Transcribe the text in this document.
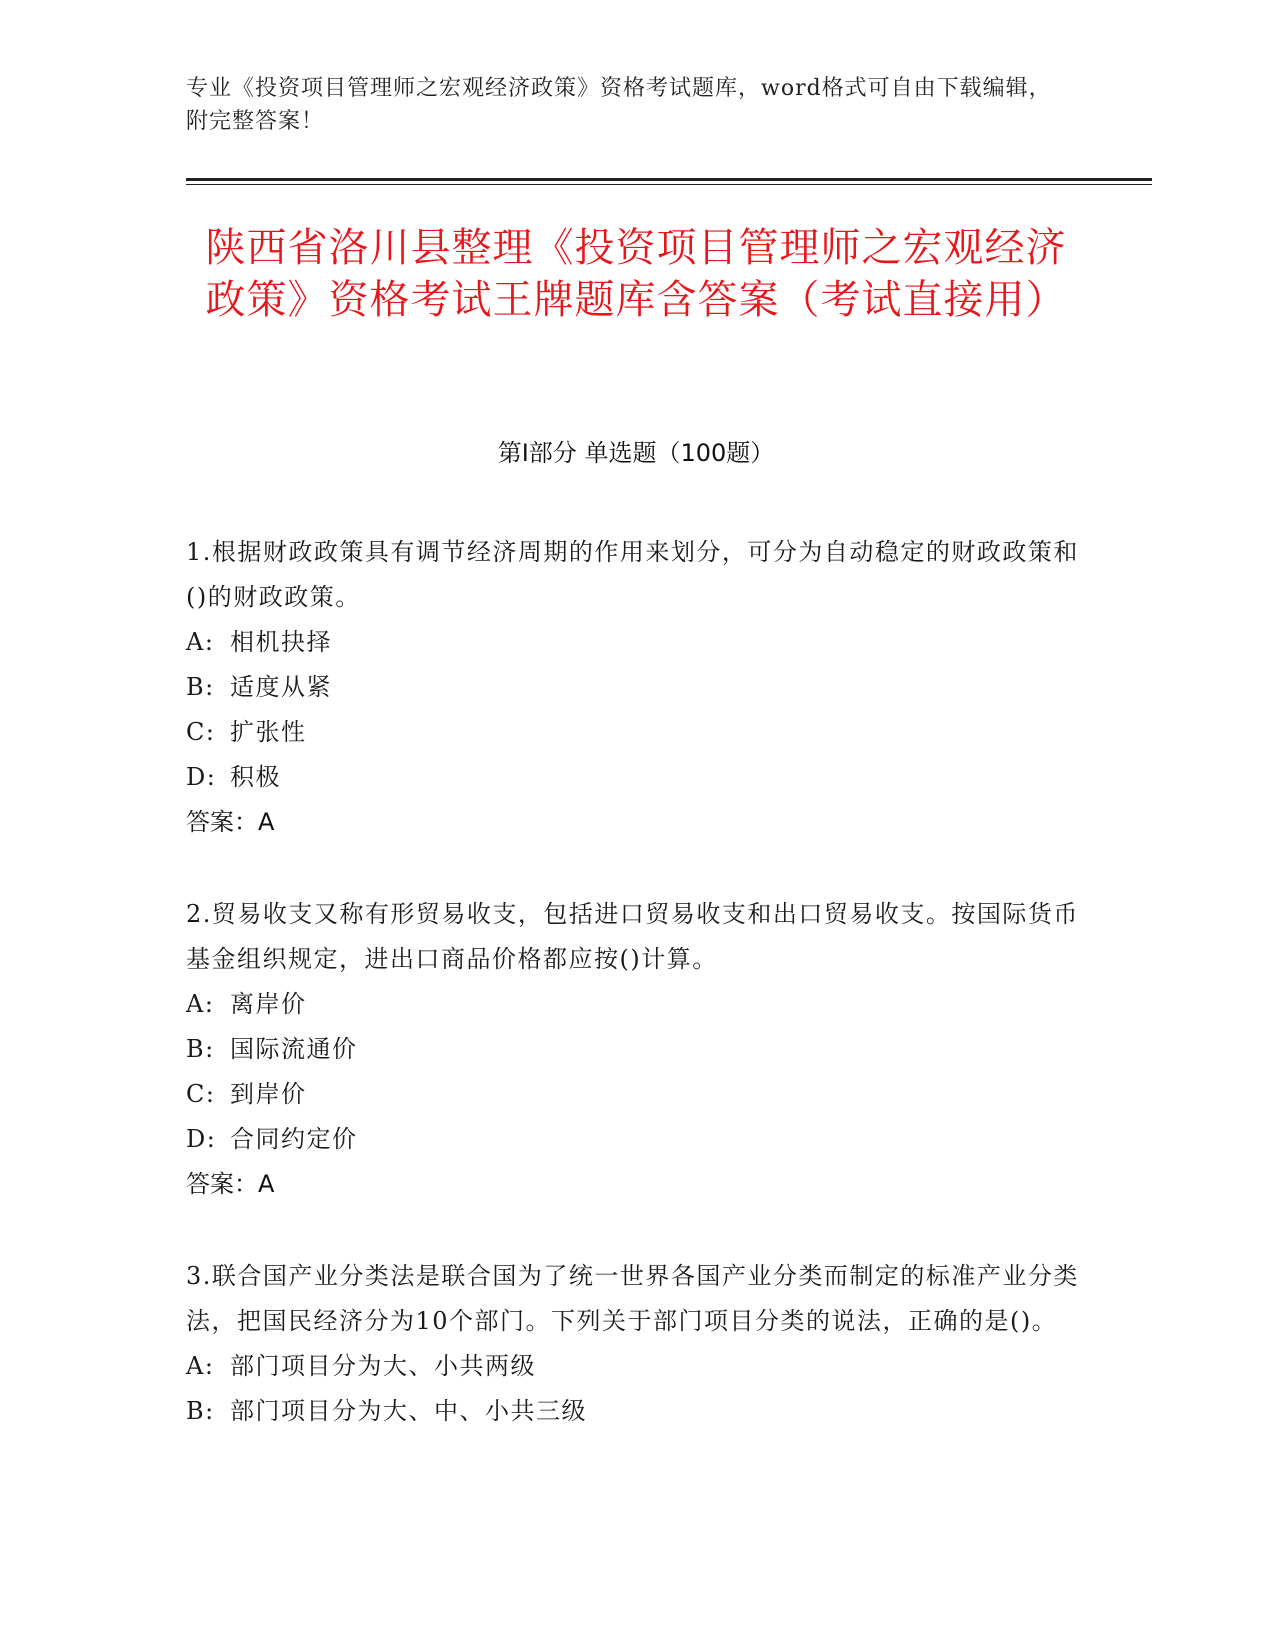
专业《投资项目管理师之宏观经济政策》资格考试题库，word格式可自由下载编辑，附完整答案！
陕西省洛川县整理《投资项目管理师之宏观经济政策》资格考试王牌题库含答案（考试直接用）
第Ⅰ部分 单选题（100题）
1.根据财政政策具有调节经济周期的作用来划分，可分为自动稳定的财政政策和()的财政政策。
A: 相机抉择
B: 适度从紧
C: 扩张性
D: 积极
答案：A
2.贸易收支又称有形贸易收支，包括进口贸易收支和出口贸易收支。按国际货币基金组织规定，进出口商品价格都应按()计算。
A: 离岸价
B: 国际流通价
C: 到岸价
D: 合同约定价
答案：A
3.联合国产业分类法是联合国为了统一世界各国产业分类而制定的标准产业分类法，把国民经济分为10个部门。下列关于部门项目分类的说法，正确的是()。
A: 部门项目分为大、小共两级
B: 部门项目分为大、中、小共三级
